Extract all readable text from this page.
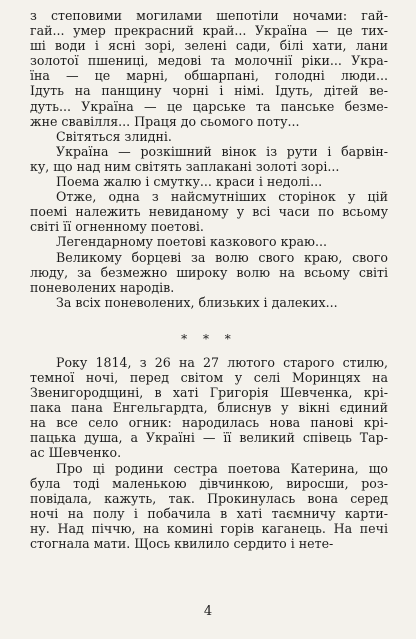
з степовими могилами шепотіли ночами: гай-
гай... умер прекрасний край... Україна — це тих-
ші води і ясні зорі, зелені сади, білі хати, лани
золотої пшениці, медові та молочнії ріки... Укра-
їна — це марні, обшарпані, голодні люди...
Ідуть на панщину чорні і німі. Ідуть, дітей ве-
дуть... Україна — це царське та панське безме-
жне свавілля... Праця до сьомого поту...
Світяться злидні.
Україна — розкішний вінок із рути і барвін-
ку, що над ним світять заплакані золоті зорі...
Поема жалю і смутку... краси і недолі...
Отже, одна з найсмутніших сторінок у цій
поемі належить невиданому у всі часи по всьому
світі її огненному поетові.
Легендарному поетові казкового краю...
Великому борцеві за волю свого краю, свого
люду, за безмежно широку волю на всьому світі
поневолених народів.
За всіх поневолених, близьких і далеких...
* * *
Року 1814, з 26 на 27 лютого старого стилю,
темної ночі, перед світом у селі Моринцях на
Звенигородщині, в хаті Григорія Шевченка, крі-
пака пана Енгельгардта, блиснув у вікні єдиний
на все село огник: народилась нова панові крі-
пацька душа, а Україні — її великий співець Тар-
ас Шевченко.
Про ці родини сестра поетова Катерина, що
була тоді маленькою дівчинкою, виросши, роз-
повідала, кажуть, так. Прокинулась вона серед
ночі на полу і побачила в хаті таємничу карти-
ну. Над піччю, на комині горів каганець. На печі
стогнала мати. Щось квилило сердито і нете-
4
